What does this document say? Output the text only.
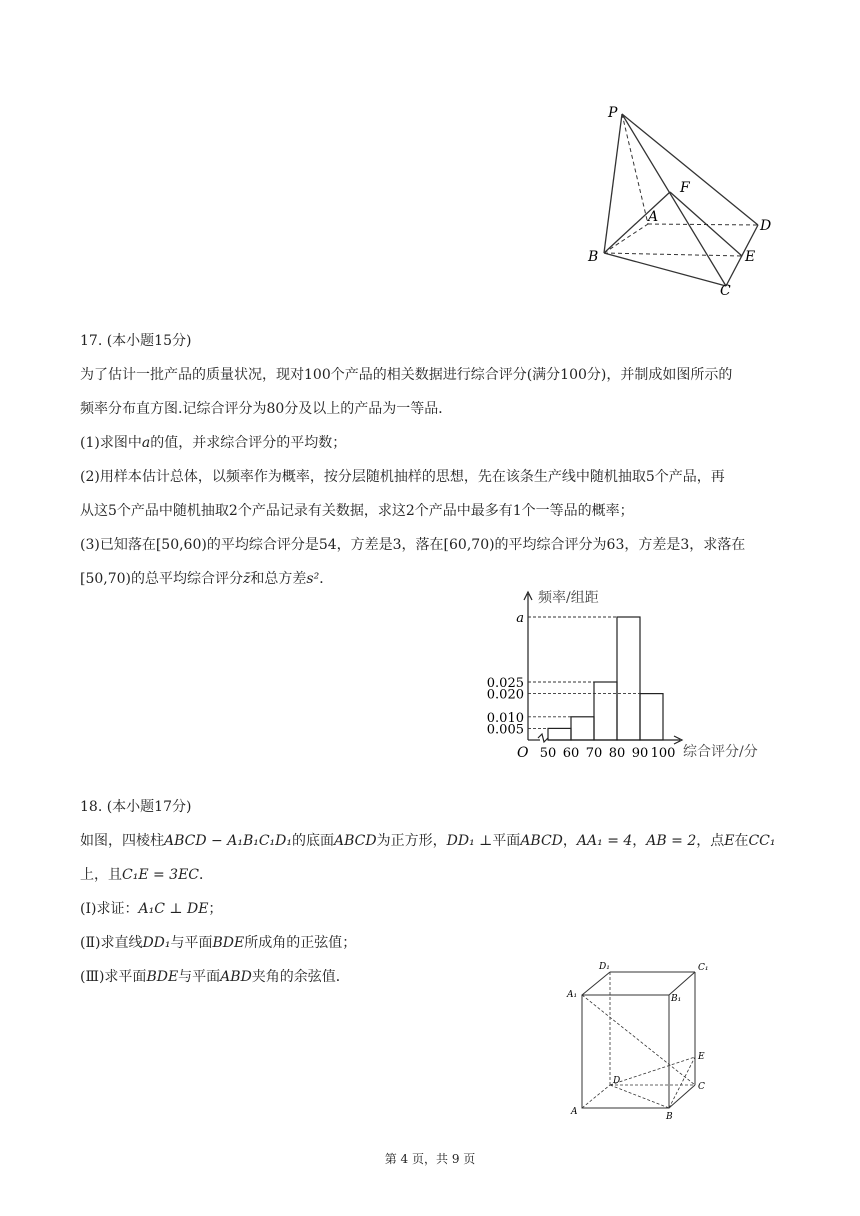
P
F
A
D
B	E
C
17. (本小题15分)
为了估计一批产品的质量状况，现对100个产品的相关数据进行综合评分(满分100分)，并制成如图所示的
频率分布直方图.记综合评分为80分及以上的产品为一等品．
(1)求图中a的值，并求综合评分的平均数；
(2)用样本估计总体，以频率作为概率，按分层随机抽样的思想，先在该条生产线中随机抽取5个产品，再
从这5个产品中随机抽取2个产品记录有关数据，求这2个产品中最多有1个一等品的概率；
(3)已知落在[50,60)的平均综合评分是54，方差是3，落在[60,70)的平均综合评分为63，方差是3，求落在
[50,70)的总平均综合评分z̄和总方差s²．
频率/组距
综合评分/分
O
a
0.025
0.020
0.010
0.005
50 60 70 80 90 100
18. (本小题17分)
如图，四棱柱ABCD − A₁B₁C₁D₁的底面ABCD为正方形，DD₁ ⊥平面ABCD，AA₁ = 4，AB = 2，点E在CC₁
上，且C₁E = 3EC．
(Ⅰ)求证：A₁C ⊥ DE；
(Ⅱ)求直线DD₁与平面BDE所成角的正弦值；
(Ⅲ)求平面BDE与平面ABD夹角的余弦值．
D₁	C₁
A₁	B₁
E
D
C
A	B
第 4 页，共 9 页
